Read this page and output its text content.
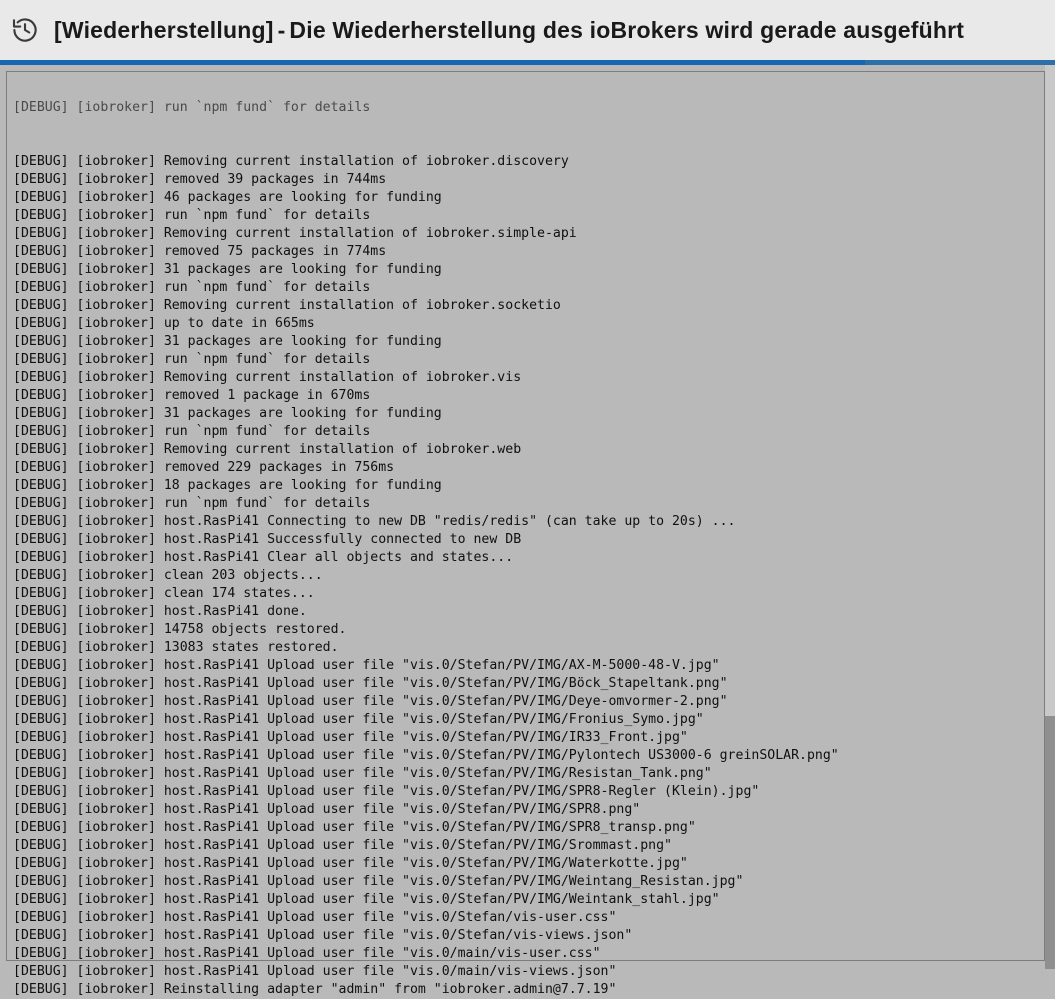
[Wiederherstellung] - Die Wiederherstellung des ioBrokers wird gerade ausgeführt

[DEBUG] [iobroker] run `npm fund` for details

[DEBUG] [iobroker] Removing current installation of iobroker.discovery
[DEBUG] [iobroker] removed 39 packages in 744ms
[DEBUG] [iobroker] 46 packages are looking for funding
[DEBUG] [iobroker] run `npm fund` for details
[DEBUG] [iobroker] Removing current installation of iobroker.simple-api
[DEBUG] [iobroker] removed 75 packages in 774ms
[DEBUG] [iobroker] 31 packages are looking for funding
[DEBUG] [iobroker] run `npm fund` for details
[DEBUG] [iobroker] Removing current installation of iobroker.socketio
[DEBUG] [iobroker] up to date in 665ms
[DEBUG] [iobroker] 31 packages are looking for funding
[DEBUG] [iobroker] run `npm fund` for details
[DEBUG] [iobroker] Removing current installation of iobroker.vis
[DEBUG] [iobroker] removed 1 package in 670ms
[DEBUG] [iobroker] 31 packages are looking for funding
[DEBUG] [iobroker] run `npm fund` for details
[DEBUG] [iobroker] Removing current installation of iobroker.web
[DEBUG] [iobroker] removed 229 packages in 756ms
[DEBUG] [iobroker] 18 packages are looking for funding
[DEBUG] [iobroker] run `npm fund` for details
[DEBUG] [iobroker] host.RasPi41 Connecting to new DB "redis/redis" (can take up to 20s) ...
[DEBUG] [iobroker] host.RasPi41 Successfully connected to new DB
[DEBUG] [iobroker] host.RasPi41 Clear all objects and states...
[DEBUG] [iobroker] clean 203 objects...
[DEBUG] [iobroker] clean 174 states...
[DEBUG] [iobroker] host.RasPi41 done.
[DEBUG] [iobroker] 14758 objects restored.
[DEBUG] [iobroker] 13083 states restored.
[DEBUG] [iobroker] host.RasPi41 Upload user file "vis.0/Stefan/PV/IMG/AX-M-5000-48-V.jpg"
[DEBUG] [iobroker] host.RasPi41 Upload user file "vis.0/Stefan/PV/IMG/Böck_Stapeltank.png"
[DEBUG] [iobroker] host.RasPi41 Upload user file "vis.0/Stefan/PV/IMG/Deye-omvormer-2.png"
[DEBUG] [iobroker] host.RasPi41 Upload user file "vis.0/Stefan/PV/IMG/Fronius_Symo.jpg"
[DEBUG] [iobroker] host.RasPi41 Upload user file "vis.0/Stefan/PV/IMG/IR33_Front.jpg"
[DEBUG] [iobroker] host.RasPi41 Upload user file "vis.0/Stefan/PV/IMG/Pylontech US3000-6 greinSOLAR.png"
[DEBUG] [iobroker] host.RasPi41 Upload user file "vis.0/Stefan/PV/IMG/Resistan_Tank.png"
[DEBUG] [iobroker] host.RasPi41 Upload user file "vis.0/Stefan/PV/IMG/SPR8-Regler (Klein).jpg"
[DEBUG] [iobroker] host.RasPi41 Upload user file "vis.0/Stefan/PV/IMG/SPR8.png"
[DEBUG] [iobroker] host.RasPi41 Upload user file "vis.0/Stefan/PV/IMG/SPR8_transp.png"
[DEBUG] [iobroker] host.RasPi41 Upload user file "vis.0/Stefan/PV/IMG/Srommast.png"
[DEBUG] [iobroker] host.RasPi41 Upload user file "vis.0/Stefan/PV/IMG/Waterkotte.jpg"
[DEBUG] [iobroker] host.RasPi41 Upload user file "vis.0/Stefan/PV/IMG/Weintang_Resistan.jpg"
[DEBUG] [iobroker] host.RasPi41 Upload user file "vis.0/Stefan/PV/IMG/Weintank_stahl.jpg"
[DEBUG] [iobroker] host.RasPi41 Upload user file "vis.0/Stefan/vis-user.css"
[DEBUG] [iobroker] host.RasPi41 Upload user file "vis.0/Stefan/vis-views.json"
[DEBUG] [iobroker] host.RasPi41 Upload user file "vis.0/main/vis-user.css"
[DEBUG] [iobroker] host.RasPi41 Upload user file "vis.0/main/vis-views.json"
[DEBUG] [iobroker] Reinstalling adapter "admin" from "iobroker.admin@7.7.19"
